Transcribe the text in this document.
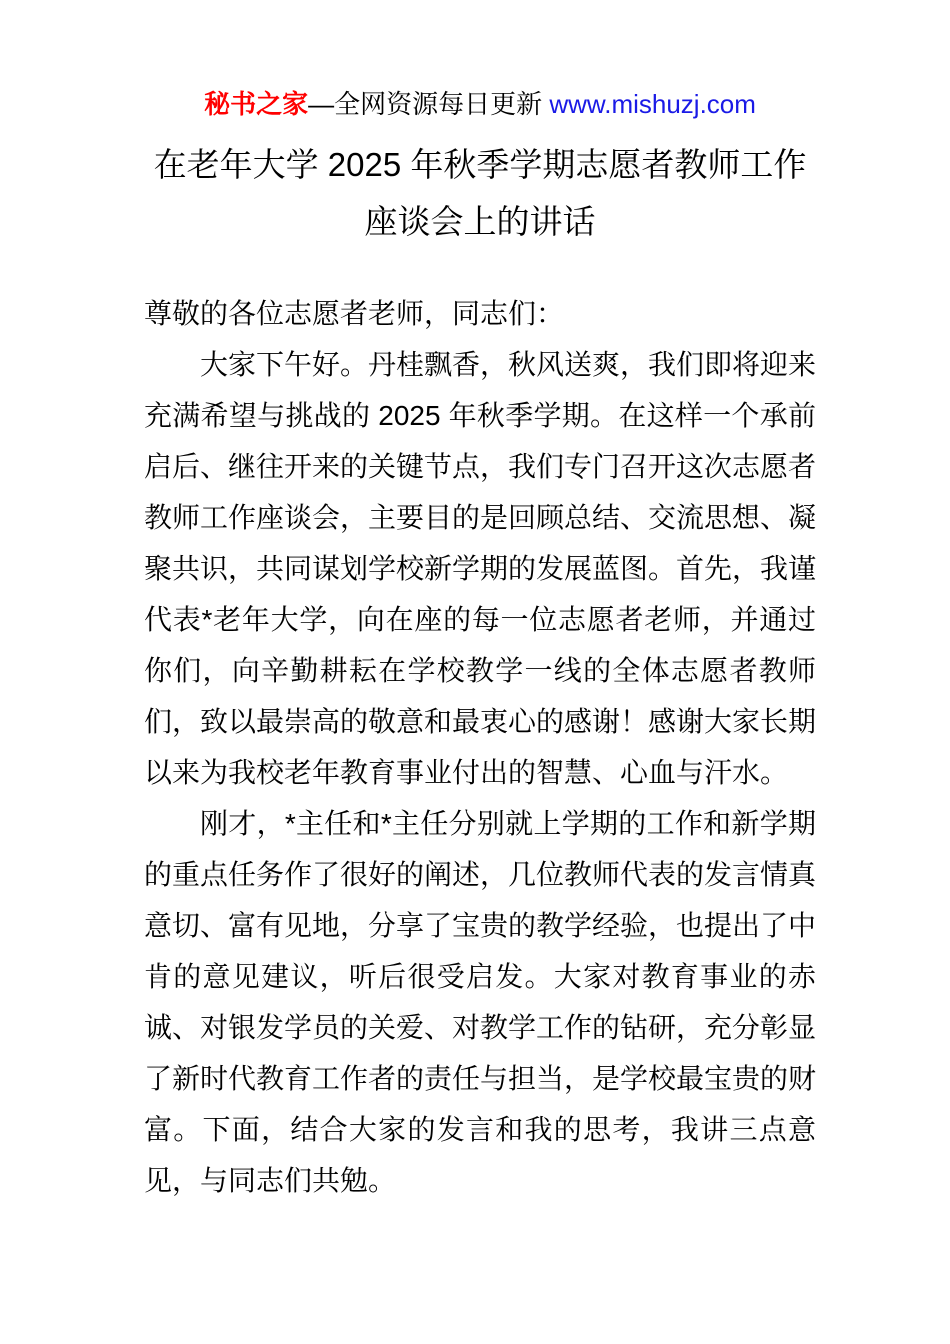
秘书之家—全网资源每日更新 www.mishuzj.com
在老年大学 2025 年秋季学期志愿者教师工作
座谈会上的讲话

尊敬的各位志愿者老师，同志们：

大家下午好。丹桂飘香，秋风送爽，我们即将迎来充满希望与挑战的 2025 年秋季学期。在这样一个承前启后、继往开来的关键节点，我们专门召开这次志愿者教师工作座谈会，主要目的是回顾总结、交流思想、凝聚共识，共同谋划学校新学期的发展蓝图。首先，我谨代表*老年大学，向在座的每一位志愿者老师，并通过你们，向辛勤耕耘在学校教学一线的全体志愿者教师们，致以最崇高的敬意和最衷心的感谢！感谢大家长期以来为我校老年教育事业付出的智慧、心血与汗水。

刚才，*主任和*主任分别就上学期的工作和新学期的重点任务作了很好的阐述，几位教师代表的发言情真意切、富有见地，分享了宝贵的教学经验，也提出了中肯的意见建议，听后很受启发。大家对教育事业的赤诚、对银发学员的关爱、对教学工作的钻研，充分彰显了新时代教育工作者的责任与担当，是学校最宝贵的财富。下面，结合大家的发言和我的思考，我讲三点意见，与同志们共勉。
